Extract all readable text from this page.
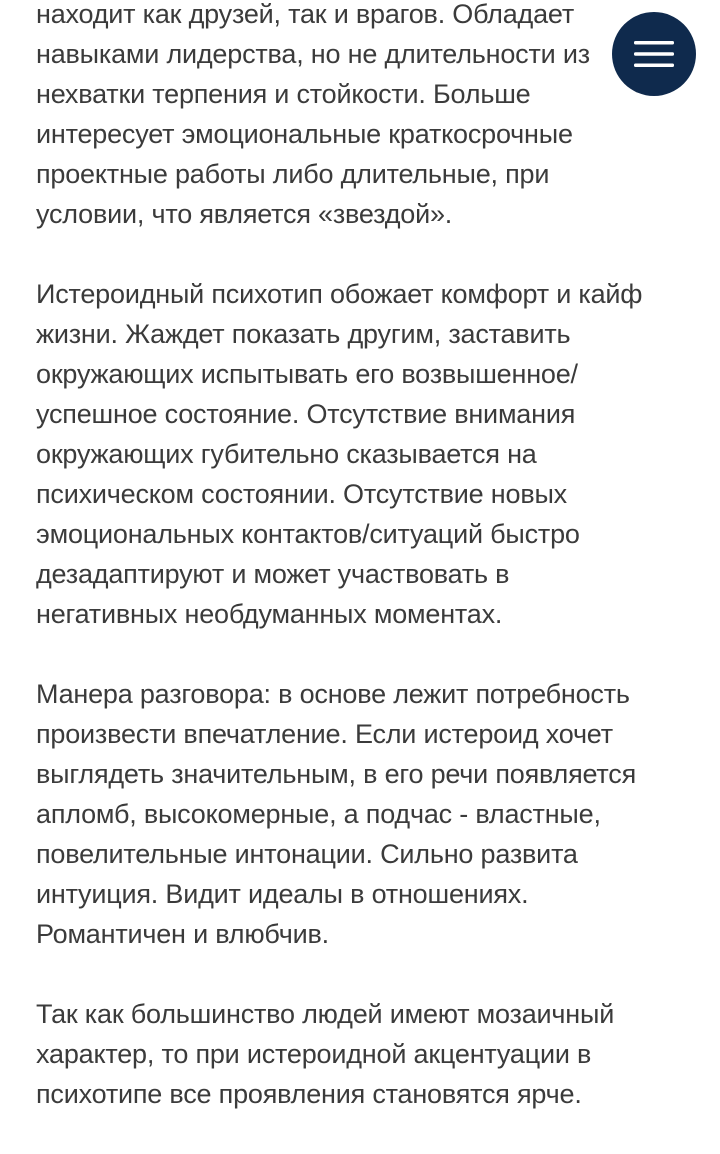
находит как друзей, так и врагов. Обладает
навыками лидерства, но не длительности из
нехватки терпения и стойкости. Больше
интересует эмоциональные краткосрочные
проектные работы либо длительные, при
условии, что является «звездой».

Истероидный психотип обожает комфорт и кайф
жизни. Жаждет показать другим, заставить
окружающих испытывать его возвышенное/
успешное состояние. Отсутствие внимания
окружающих губительно сказывается на
психическом состоянии. Отсутствие новых
эмоциональных контактов/ситуаций быстро
дезадаптируют и может участвовать в
негативных необдуманных моментах.

Манера разговора: в основе лежит потребность
произвести впечатление. Если истероид хочет
выглядеть значительным, в его речи появляется
апломб, высокомерные, а подчас - властные,
повелительные интонации. Сильно развита
интуиция. Видит идеалы в отношениях.
Романтичен и влюбчив.

Так как большинство людей имеют мозаичный
характер, то при истероидной акцентуации в
психотипе все проявления становятся ярче.
